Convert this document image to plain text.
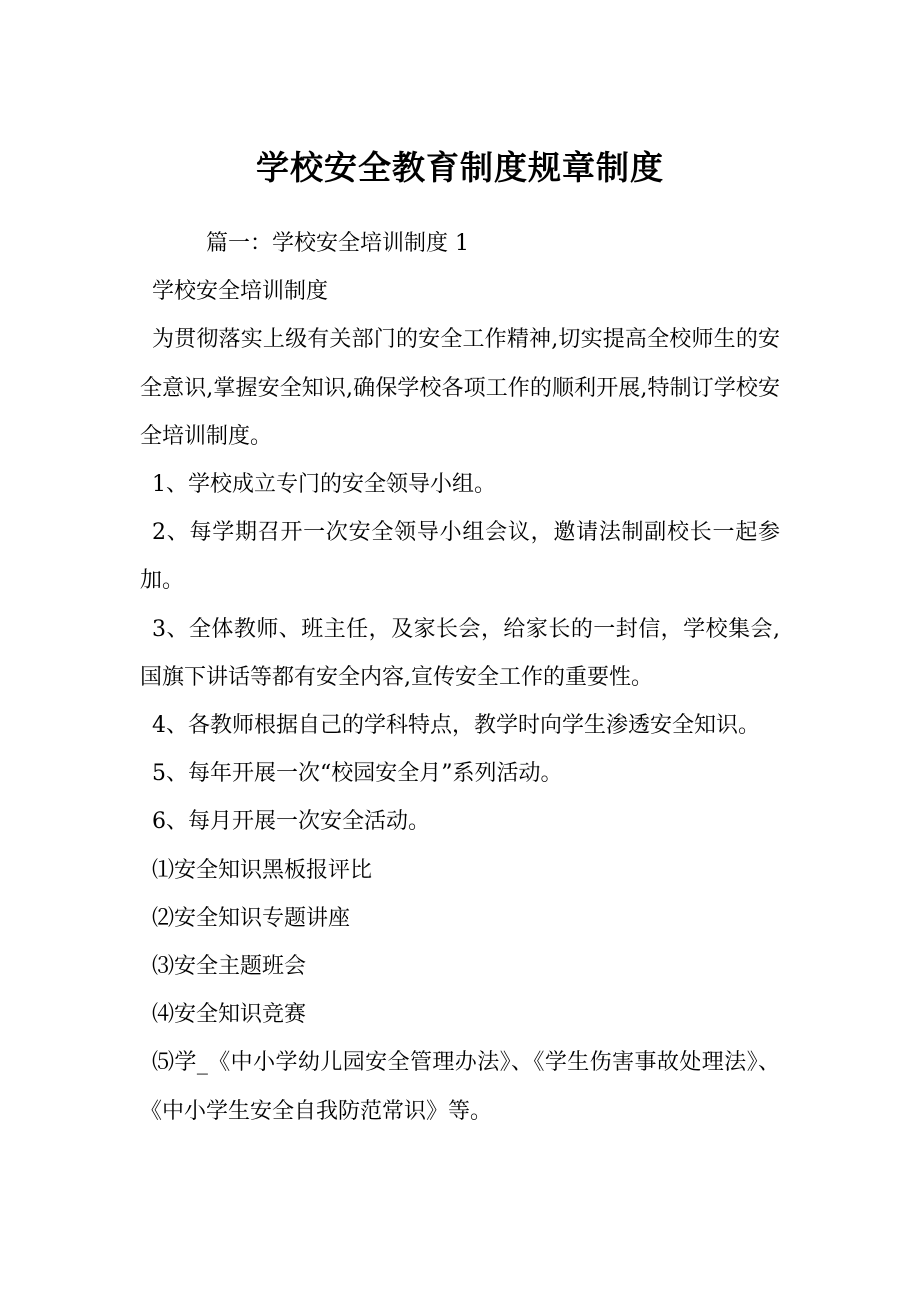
学校安全教育制度规章制度

篇一：学校安全培训制度 1

学校安全培训制度

为贯彻落实上级有关部门的安全工作精神,切实提高全校师生的安全意识,掌握安全知识,确保学校各项工作的顺利开展,特制订学校安全培训制度。

1、学校成立专门的安全领导小组。

2、每学期召开一次安全领导小组会议，邀请法制副校长一起参加。

3、全体教师、班主任，及家长会，给家长的一封信，学校集会,国旗下讲话等都有安全内容,宣传安全工作的重要性。

4、各教师根据自己的学科特点，教学时向学生渗透安全知识。

5、每年开展一次“校园安全月”系列活动。

6、每月开展一次安全活动。

⑴安全知识黑板报评比

⑵安全知识专题讲座

⑶安全主题班会

⑷安全知识竞赛

⑸学_《中小学幼儿园安全管理办法》、《学生伤害事故处理法》、《中小学生安全自我防范常识》等。
